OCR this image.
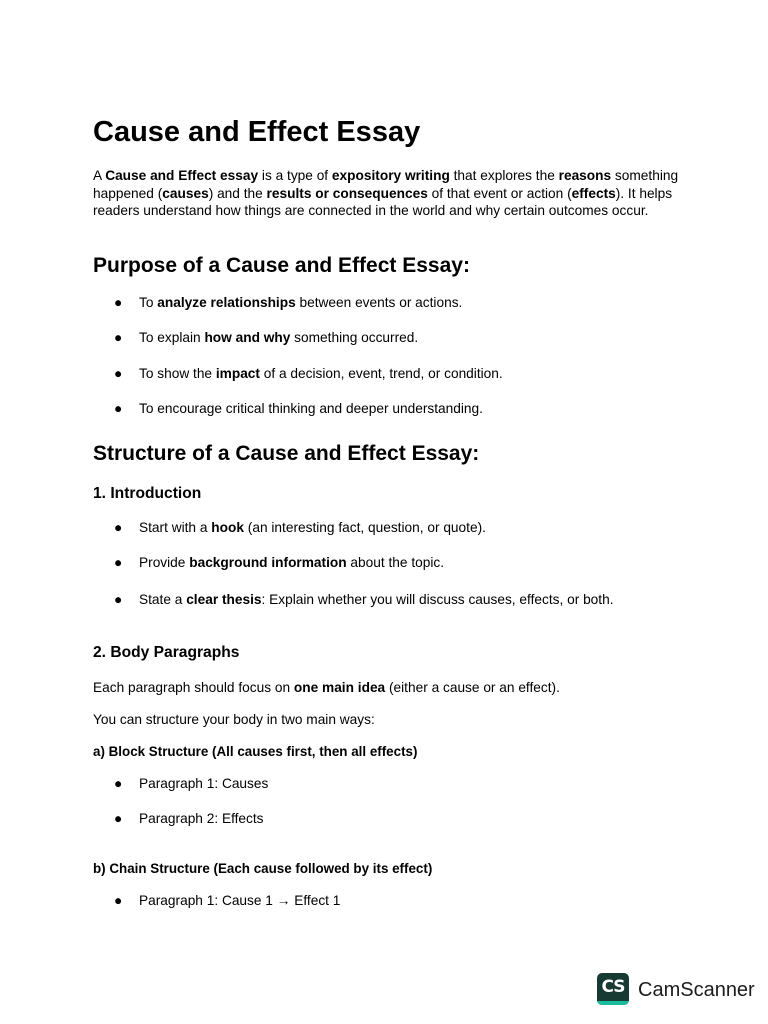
Cause and Effect Essay

A Cause and Effect essay is a type of expository writing that explores the reasons something happened (causes) and the results or consequences of that event or action (effects). It helps readers understand how things are connected in the world and why certain outcomes occur.

Purpose of a Cause and Effect Essay:
● To analyze relationships between events or actions.
● To explain how and why something occurred.
● To show the impact of a decision, event, trend, or condition.
● To encourage critical thinking and deeper understanding.
Structure of a Cause and Effect Essay:
1. Introduction
● Start with a hook (an interesting fact, question, or quote).
● Provide background information about the topic.
● State a clear thesis: Explain whether you will discuss causes, effects, or both.
2. Body Paragraphs

Each paragraph should focus on one main idea (either a cause or an effect).

You can structure your body in two main ways:

a) Block Structure (All causes first, then all effects)
● Paragraph 1: Causes
● Paragraph 2: Effects
b) Chain Structure (Each cause followed by its effect)
● Paragraph 1: Cause 1 → Effect 1
CS CamScanner
